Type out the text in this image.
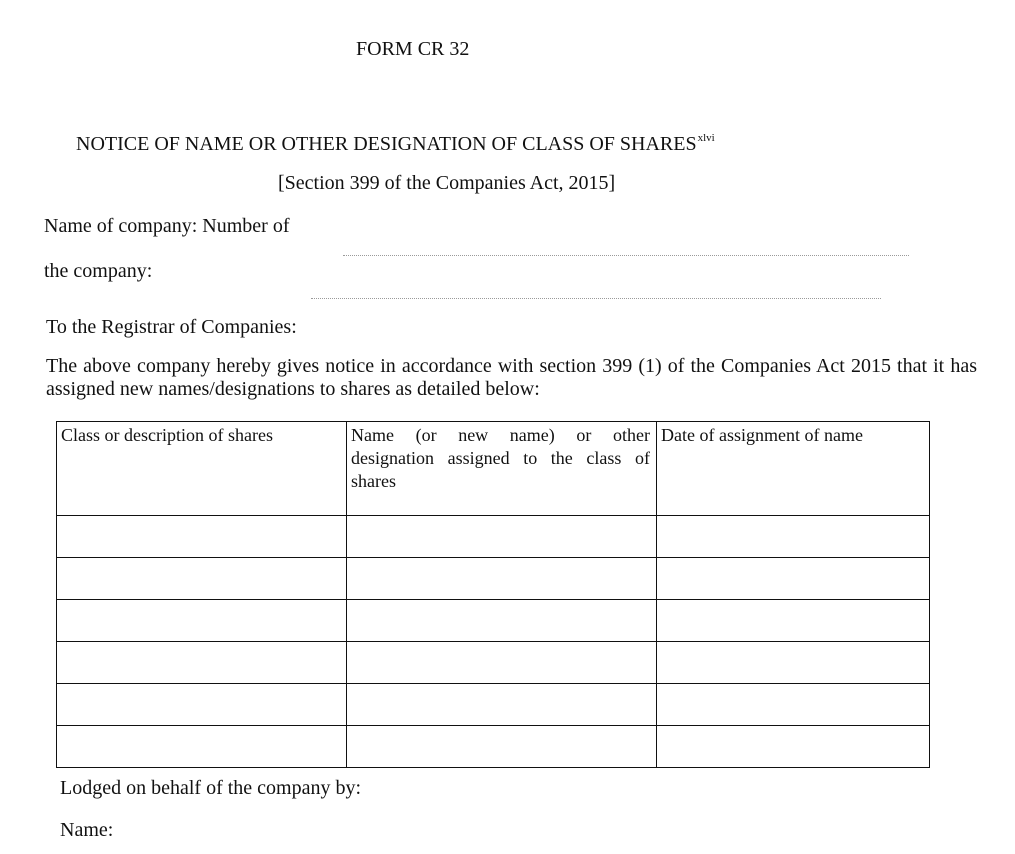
FORM CR 32
NOTICE OF NAME OR OTHER DESIGNATION OF CLASS OF $SHARES^{xlvi}$
[Section 399 of the Companies Act, 2015]
Name of company: Number of
the company:
To the Registrar of Companies:
The above company hereby gives notice in accordance with section 399 (1) of the Companies Act 2015 that it has assigned new names/designations to shares as detailed below:
Class or description of shares	Name (or new name) or other designation assigned to the class of shares	Date of assignment of name

Lodged on behalf of the company by:
Name:
